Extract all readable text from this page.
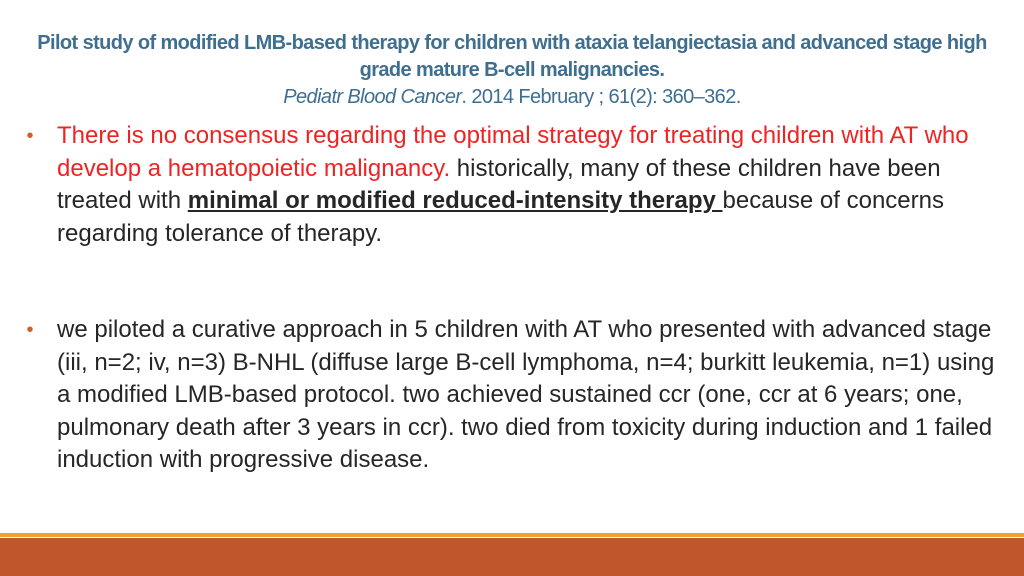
Pilot study of modified LMB-based therapy for children with ataxia telangiectasia and advanced stage high grade mature B-cell malignancies.
Pediatr Blood Cancer. 2014 February ; 61(2): 360–362.
• There is no consensus regarding the optimal strategy for treating children with AT who develop a hematopoietic malignancy. historically, many of these children have been treated with minimal or modified reduced-intensity therapy because of concerns regarding tolerance of therapy.
• we piloted a curative approach in 5 children with AT who presented with advanced stage (iii, n=2; iv, n=3) B-NHL (diffuse large B-cell lymphoma, n=4; burkitt leukemia, n=1) using a modified LMB-based protocol. two achieved sustained ccr (one, ccr at 6 years; one, pulmonary death after 3 years in ccr). two died from toxicity during induction and 1 failed induction with progressive disease.
